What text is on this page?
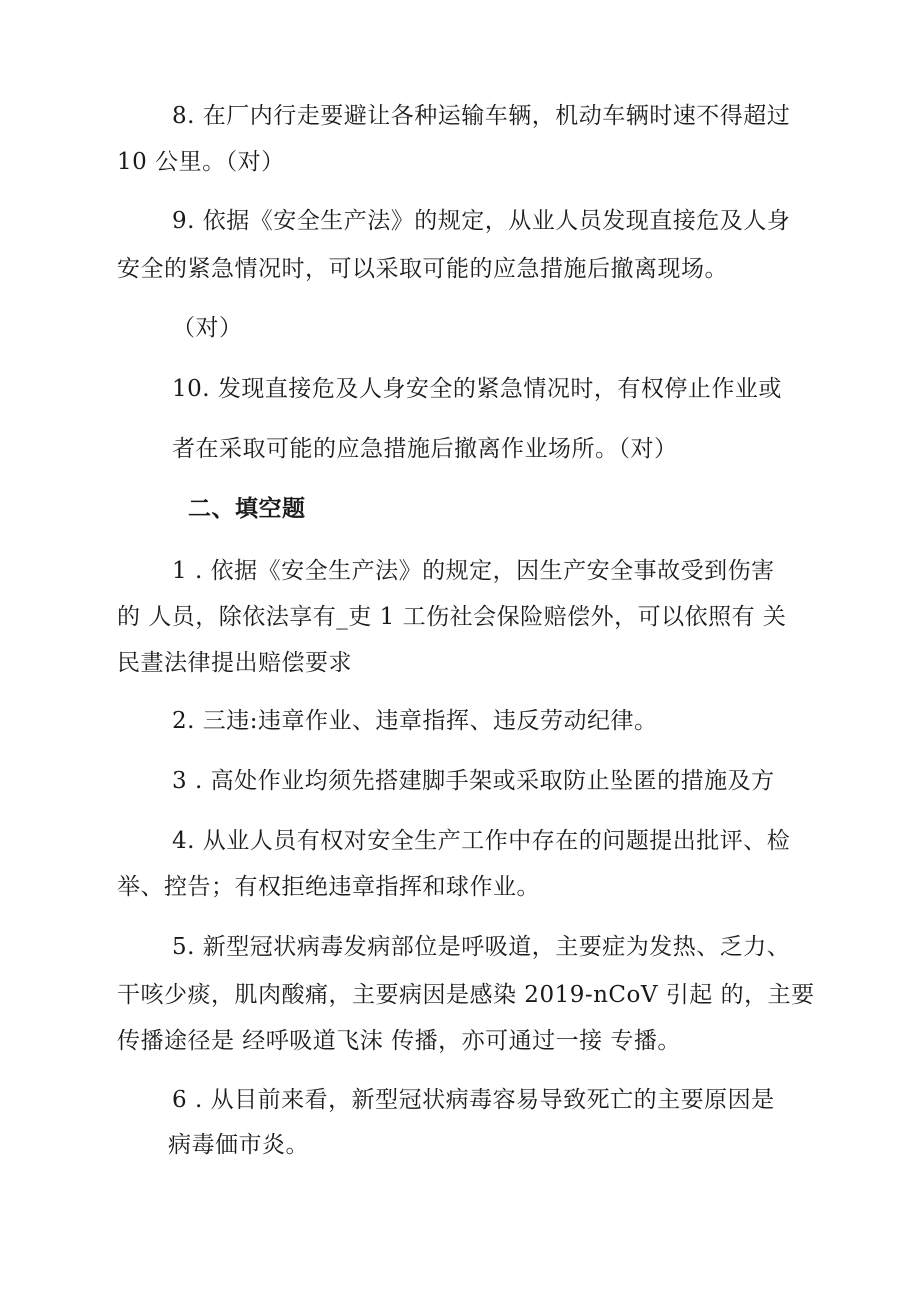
8. 在厂内行走要避让各种运输车辆，机动车辆时速不得超过
10 公里。（对）
9. 依据《安全生产法》的规定，从业人员发现直接危及人身
安全的紧急情况时，可以采取可能的应急措施后撤离现场。
（对）
10. 发现直接危及人身安全的紧急情况时，有权停止作业或
者在采取可能的应急措施后撤离作业场所。（对）
二、填空题
1 . 依据《安全生产法》的规定，因生产安全事故受到伤害
的 人员，除依法享有_吏 1 工伤社会保险赔偿外，可以依照有 关
民晝法律提出赔偿要求
2. 三违:违章作业、违章指挥、违反劳动纪律。
3 . 高处作业均须先搭建脚手架或采取防止坠匿的措施及方
4. 从业人员有权对安全生产工作中存在的问题提出批评、检
举、控告；有权拒绝违章指挥和球作业。
5. 新型冠状病毒发病部位是呼吸道，主要症为发热、乏力、
干咳少痰，肌肉酸痛，主要病因是感染 2019-nCoV 引起 的，主要
传播途径是 经呼吸道飞沫 传播，亦可通过一接 专播。
6 . 从目前来看，新型冠状病毒容易导致死亡的主要原因是
病毒価市炎。
